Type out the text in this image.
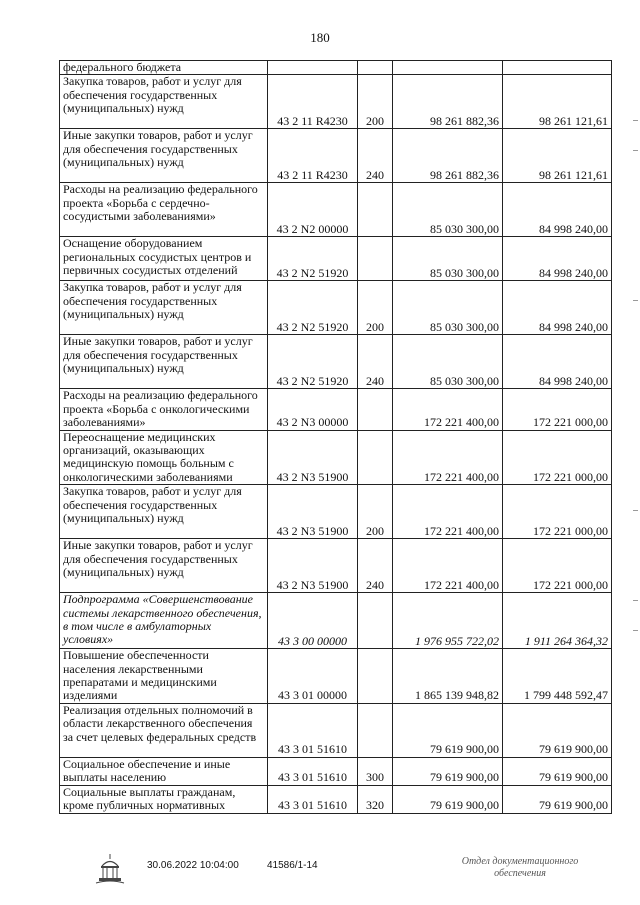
180
федерального бюджета				
Закупка товаров, работ и услуг для обеспечения государственных (муниципальных) нужд	43 2 11 R4230	200	98 261 882,36	98 261 121,61
Иные закупки товаров, работ и услуг для обеспечения государственных (муниципальных) нужд	43 2 11 R4230	240	98 261 882,36	98 261 121,61
Расходы на реализацию федерального проекта «Борьба с сердечно-сосудистыми заболеваниями»	43 2 N2 00000		85 030 300,00	84 998 240,00
Оснащение оборудованием региональных сосудистых центров и первичных сосудистых отделений	43 2 N2 51920		85 030 300,00	84 998 240,00
Закупка товаров, работ и услуг для обеспечения государственных (муниципальных) нужд	43 2 N2 51920	200	85 030 300,00	84 998 240,00
Иные закупки товаров, работ и услуг для обеспечения государственных (муниципальных) нужд	43 2 N2 51920	240	85 030 300,00	84 998 240,00
Расходы на реализацию федерального проекта «Борьба с онкологическими заболеваниями»	43 2 N3 00000		172 221 400,00	172 221 000,00
Переоснащение медицинских организаций, оказывающих медицинскую помощь больным с онкологическими заболеваниями	43 2 N3 51900		172 221 400,00	172 221 000,00
Закупка товаров, работ и услуг для обеспечения государственных (муниципальных) нужд	43 2 N3 51900	200	172 221 400,00	172 221 000,00
Иные закупки товаров, работ и услуг для обеспечения государственных (муниципальных) нужд	43 2 N3 51900	240	172 221 400,00	172 221 000,00
Подпрограмма «Совершенствование системы лекарственного обеспечения, в том числе в амбулаторных условиях»	43 3 00 00000		1 976 955 722,02	1 911 264 364,32
Повышение обеспеченности населения лекарственными препаратами и медицинскими изделиями	43 3 01 00000		1 865 139 948,82	1 799 448 592,47
Реализация отдельных полномочий в области лекарственного обеспечения за счет целевых федеральных средств	43 3 01 51610		79 619 900,00	79 619 900,00
Социальное обеспечение и иные выплаты населению	43 3 01 51610	300	79 619 900,00	79 619 900,00
Социальные выплаты гражданам, кроме публичных нормативных	43 3 01 51610	320	79 619 900,00	79 619 900,00
30.06.2022 10:04:00	41586/1-14	Отдел документационного обеспечения
